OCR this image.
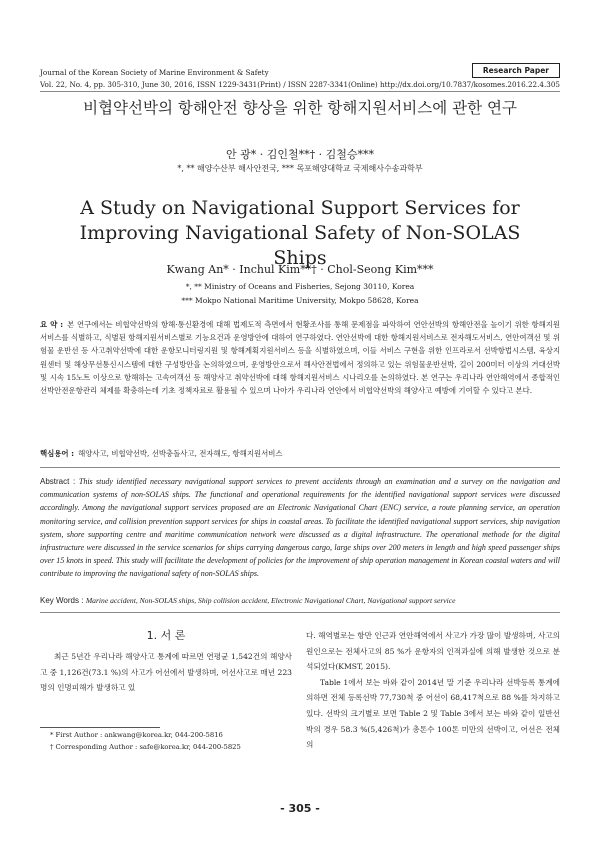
Journal of the Korean Society of Marine Environment & Safety	Research Paper
Vol. 22, No. 4, pp. 305-310, June 30, 2016, ISSN 1229-3431(Print) / ISSN 2287-3341(Online) http://dx.doi.org/10.7837/kosomes.2016.22.4.305
비협약선박의 항해안전 향상을 위한 항해지원서비스에 관한 연구
안 광* · 김인철**† · 김철승***
*, ** 해양수산부 해사안전국, *** 목포해양대학교 국제해사수송과학부
A Study on Navigational Support Services for Improving Navigational Safety of Non-SOLAS Ships
Kwang An* · Inchul Kim**† · Chol-Seong Kim***
*, ** Ministry of Oceans and Fisheries, Sejong 30110, Korea
*** Mokpo National Maritime University, Mokpo 58628, Korea
요 약 : 본 연구에서는 비협약선박의 항해·통신환경에 대해 법제도적 측면에서 현황조사를 통해 문제점을 파악하여 연안선박의 항해안전을 높이기 위한 항해지원서비스를 식별하고, 식별된 항해지원서비스별로 기능요건과 운영방안에 대하여 연구하였다. 연안선박에 대한 항해지원서비스로 전자해도서비스, 연안여객선 및 위험물 운반선 등 사고취약선박에 대한 운항모니터링지원 및 항해계획지원서비스 등을 식별하였으며, 이들 서비스 구현을 위한 인프라로서 선박항법시스템, 육상지원센터 및 해상무선통신시스템에 대한 구성방안을 논의하였으며, 운영방안으로서 해사안전법에서 정의하고 있는 위험물운반선박, 길이 200미터 이상의 거대선박 및 시속 15노트 이상으로 항해하는 고속여객선 등 해양사고 취약선박에 대해 항해지원서비스 시나리오를 논의하였다. 본 연구는 우리나라 연안해역에서 종합적인 선박안전운항관리 체제를 확충하는데 기초 정책자료로 활용될 수 있으며 나아가 우리나라 연안에서 비협약선박의 해양사고 예방에 기여할 수 있다고 본다.
핵심용어 : 해양사고, 비협약선박, 선박충돌사고, 전자해도, 항해지원서비스
Abstract : This study identified necessary navigational support services to prevent accidents through an examination and a survey on the navigation and communication systems of non-SOLAS ships. The functional and operational requirements for the identified navigational support services were discussed accordingly. Among the navigational support services proposed are an Electronic Navigational Chart (ENC) service, a route planning service, an operation monitoring service, and collision prevention support services for ships in coastal areas. To facilitate the identified navigational support services, ship navigation system, shore supporting centre and maritime communication network were discussed as a digital infrastructure. The operational methode for the digital infrastructure were discussed in the service scenarios for ships carrying dangerous cargo, large ships over 200 meters in length and high speed passenger ships over 15 knots in speed. This study will facilitate the development of policies for the improvement of ship operation management in Korean coastal waters and will contribute to improving the navigational safety of non-SOLAS ships.
Key Words : Marine accident, Non-SOLAS ships, Ship collision accident, Electronic Navigational Chart, Navigational support service
1. 서 론
최근 5년간 우리나라 해양사고 통계에 따르면 연평균 1,542건의 해양사고 중 1,126건(73.1 %)의 사고가 어선에서 발생하며, 어선사고로 매년 223명의 인명피해가 발생하고 있

다. 해역별로는 항만 인근과 연안해역에서 사고가 가장 많이 발생하며, 사고의 원인으로는 전체사고의 85 %가 운항자의 인적과실에 의해 발생한 것으로 분석되었다(KMST, 2015).

Table 1에서 보는 바와 같이 2014년 말 기준 우리나라 선박등록 통계에 의하면 전체 등록선박 77,730척 중 어선이 68,417척으로 88 %를 차지하고 있다. 선박의 크기별로 보면 Table 2 및 Table 3에서 보는 바와 같이 일반선박의 경우 58.3 %(5,426척)가 총톤수 100톤 미만의 선박이고, 어선은 전체의

* First Author : ankwang@korea.kr, 044-200-5816
† Corresponding Author : safe@korea.kr, 044-200-5825
- 305 -
